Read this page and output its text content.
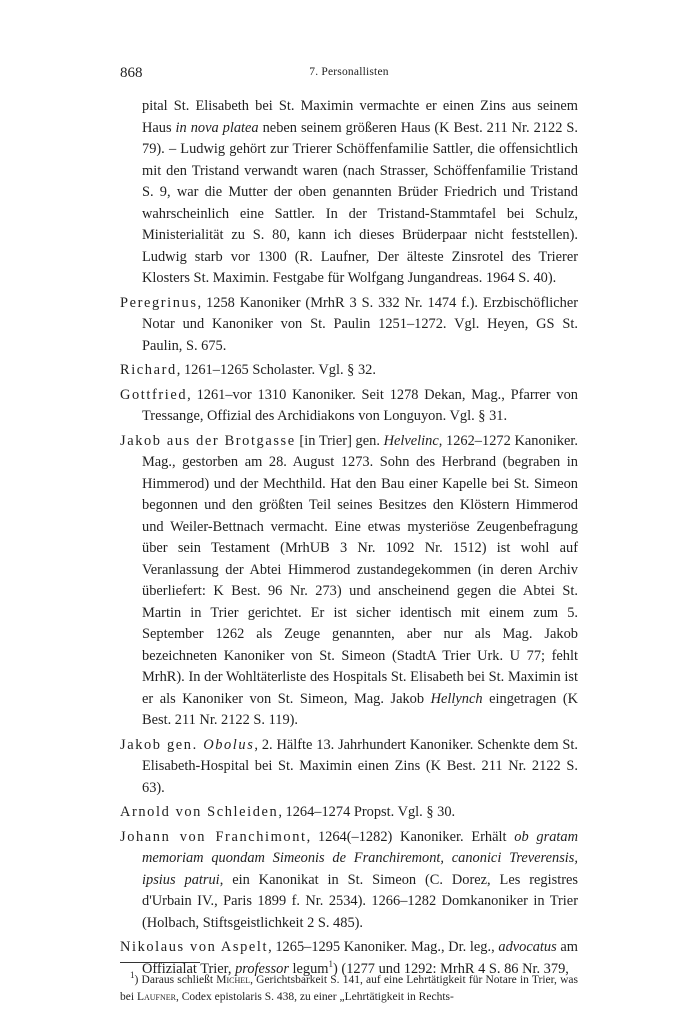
868	7. Personallisten

pital St. Elisabeth bei St. Maximin vermachte er einen Zins aus seinem Haus in nova platea neben seinem größeren Haus (K Best. 211 Nr. 2122 S. 79). – Ludwig gehört zur Trierer Schöffenfamilie Sattler, die offensichtlich mit den Tristand verwandt waren (nach Strasser, Schöffenfamilie Tristand S. 9, war die Mutter der oben genannten Brüder Friedrich und Tristand wahrscheinlich eine Sattler. In der Tristand-Stammtafel bei Schulz, Ministerialität zu S. 80, kann ich dieses Brüderpaar nicht feststellen). Ludwig starb vor 1300 (R. Laufner, Der älteste Zinsrotel des Trierer Klosters St. Maximin. Festgabe für Wolfgang Jungandreas. 1964 S. 40).

Peregrinus, 1258 Kanoniker (MrhR 3 S. 332 Nr. 1474 f.). Erzbischöflicher Notar und Kanoniker von St. Paulin 1251–1272. Vgl. Heyen, GS St. Paulin, S. 675.

Richard, 1261–1265 Scholaster. Vgl. § 32.

Gottfried, 1261–vor 1310 Kanoniker. Seit 1278 Dekan, Mag., Pfarrer von Tressange, Offizial des Archidiakons von Longuyon. Vgl. § 31.

Jakob aus der Brotgasse [in Trier] gen. Helvelinc, 1262–1272 Kanoniker. Mag., gestorben am 28. August 1273. Sohn des Herbrand (begraben in Himmerod) und der Mechthild. Hat den Bau einer Kapelle bei St. Simeon begonnen und den größten Teil seines Besitzes den Klöstern Himmerod und Weiler-Bettnach vermacht. Eine etwas mysteriöse Zeugenbefragung über sein Testament (MrhUB 3 Nr. 1092 Nr. 1512) ist wohl auf Veranlassung der Abtei Himmerod zustandegekommen (in deren Archiv überliefert: K Best. 96 Nr. 273) und anscheinend gegen die Abtei St. Martin in Trier gerichtet. Er ist sicher identisch mit einem zum 5. September 1262 als Zeuge genannten, aber nur als Mag. Jakob bezeichneten Kanoniker von St. Simeon (StadtA Trier Urk. U 77; fehlt MrhR). In der Wohltäterliste des Hospitals St. Elisabeth bei St. Maximin ist er als Kanoniker von St. Simeon, Mag. Jakob Hellynch eingetragen (K Best. 211 Nr. 2122 S. 119).

Jakob gen. Obolus, 2. Hälfte 13. Jahrhundert Kanoniker. Schenkte dem St. Elisabeth-Hospital bei St. Maximin einen Zins (K Best. 211 Nr. 2122 S. 63).

Arnold von Schleiden, 1264–1274 Propst. Vgl. § 30.

Johann von Franchimont, 1264(–1282) Kanoniker. Erhält ob gratam memoriam quondam Simeonis de Franchiremont, canonici Treverensis, ipsius patrui, ein Kanonikat in St. Simeon (C. Dorez, Les registres d'Urbain IV., Paris 1899 f. Nr. 2534). 1266–1282 Domkanoniker in Trier (Holbach, Stiftsgeistlichkeit 2 S. 485).

Nikolaus von Aspelt, 1265–1295 Kanoniker. Mag., Dr. leg., advocatus am Offizialat Trier, professor legum$^1$) (1277 und 1292: MrhR 4 S. 86 Nr. 379,

$^1$) Daraus schließt Michel, Gerichtsbarkeit S. 141, auf eine Lehrtätigkeit für Notare in Trier, was bei Laufner, Codex epistolaris S. 438, zu einer „Lehrtätigkeit in Rechts-
